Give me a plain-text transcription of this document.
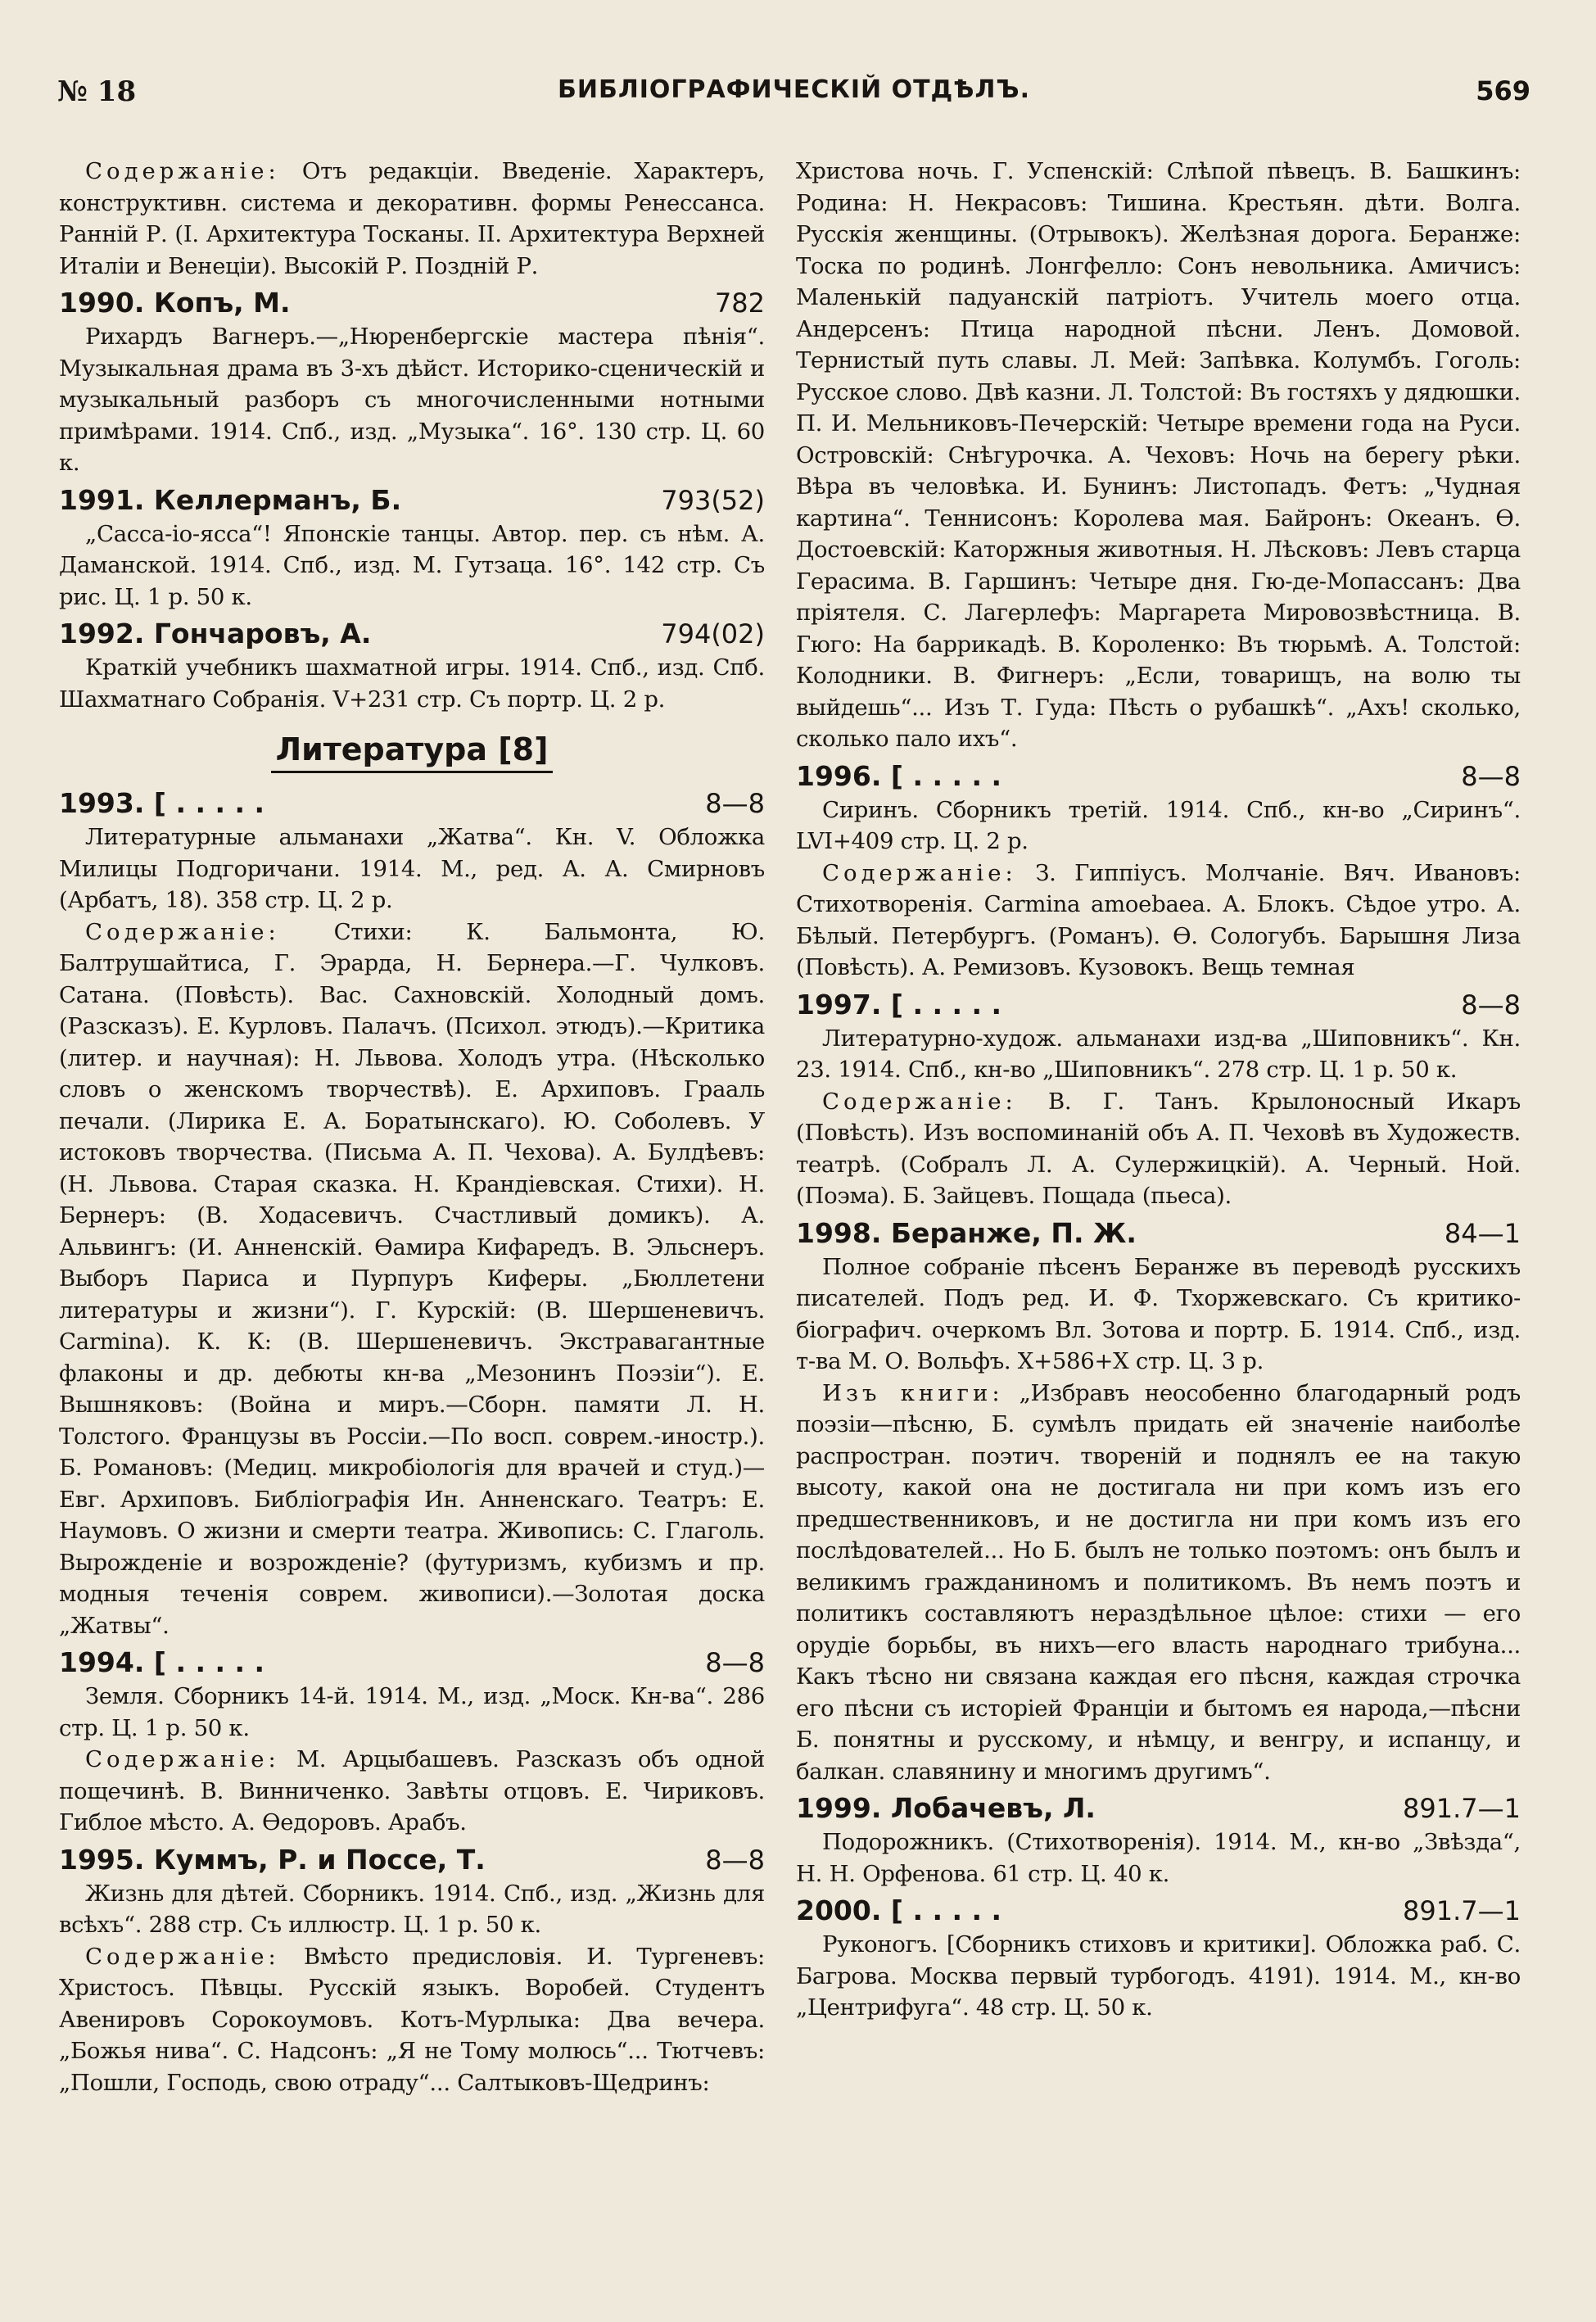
№ 18	БИБЛІОГРАФИЧЕСКІЙ ОТДѢЛЪ.	569

Содержаніе: Отъ редакціи. Введеніе. Характеръ, конструктивн. система и декоративн. формы Ренессанса. Ранній Р. (I. Архитектура Тосканы. II. Архитектура Верхней Италіи и Венеціи). Высокій Р. Поздній Р.

1990. Копъ, М.	782

Рихардъ Вагнеръ.—„Нюренбергскіе мастера пѣнія“. Музыкальная драма въ 3-хъ дѣйст. Историко-сценическій и музыкальный разборъ съ многочисленными нотными примѣрами. 1914. Спб., изд. „Музыка“. 16°. 130 стр. Ц. 60 к.

1991. Келлерманъ, Б.	793(52)

„Сасса-іо-ясса“! Японскіе танцы. Автор. пер. съ нѣм. А. Даманской. 1914. Спб., изд. М. Гутзаца. 16°. 142 стр. Съ рис. Ц. 1 р. 50 к.

1992. Гончаровъ, А.	794(02)

Краткій учебникъ шахматной игры. 1914. Спб., изд. Спб. Шахматнаго Собранія. V+231 стр. Съ портр. Ц. 2 р.

Литература [8]
1993. [ . . . . .	8—8

Литературные альманахи „Жатва“. Кн. V. Обложка Милицы Подгоричани. 1914. М., ред. А. А. Смирновъ (Арбатъ, 18). 358 стр. Ц. 2 р.

Содержаніе: Стихи: К. Бальмонта, Ю. Балтрушайтиса, Г. Эрарда, Н. Бернера.—Г. Чулковъ. Сатана. (Повѣсть). Вас. Сахновскій. Холодный домъ. (Разсказъ). Е. Курловъ. Палачъ. (Психол. этюдъ).—Критика (литер. и научная): Н. Львова. Холодъ утра. (Нѣсколько словъ о женскомъ творчествѣ). Е. Архиповъ. Грааль печали. (Лирика Е. А. Боратынскаго). Ю. Соболевъ. У истоковъ творчества. (Письма А. П. Чехова). А. Булдѣевъ: (Н. Львова. Старая сказка. Н. Крандіевская. Стихи). Н. Бернеръ: (В. Ходасевичъ. Счастливый домикъ). А. Альвингъ: (И. Анненскій. Ѳамира Кифаредъ. В. Эльснеръ. Выборъ Париса и Пурпуръ Киферы. „Бюллетени литературы и жизни“). Г. Курскій: (В. Шершеневичъ. Carmina). К. К: (В. Шершеневичъ. Экстравагантные флаконы и др. дебюты кн-ва „Мезонинъ Поэзіи“). Е. Вышняковъ: (Война и миръ.—Сборн. памяти Л. Н. Толстого. Французы въ Россіи.—По восп. соврем.-иностр.). Б. Романовъ: (Медиц. микробіологія для врачей и студ.)—Евг. Архиповъ. Библіографія Ин. Анненскаго. Театръ: Е. Наумовъ. О жизни и смерти театра. Живопись: С. Глаголь. Вырожденіе и возрожденіе? (футуризмъ, кубизмъ и пр. модныя теченія соврем. живописи).—Золотая доска „Жатвы“.

1994. [ . . . . .	8—8

Земля. Сборникъ 14-й. 1914. М., изд. „Моск. Кн-ва“. 286 стр. Ц. 1 р. 50 к.

Содержаніе: М. Арцыбашевъ. Разсказъ объ одной пощечинѣ. В. Винниченко. Завѣты отцовъ. Е. Чириковъ. Гиблое мѣсто. А. Ѳедоровъ. Арабъ.

1995. Куммъ, Р. и Поссе, Т.	8—8

Жизнь для дѣтей. Сборникъ. 1914. Спб., изд. „Жизнь для всѣхъ“. 288 стр. Съ иллюстр. Ц. 1 р. 50 к.

Содержаніе: Вмѣсто предисловія. И. Тургеневъ: Христосъ. Пѣвцы. Русскій языкъ. Воробей. Студентъ Авенировъ Сорокоумовъ. Котъ-Мурлыка: Два вечера. „Божья нива“. С. Надсонъ: „Я не Тому молюсь“... Тютчевъ: „Пошли, Господь, свою отраду“... Салтыковъ-Щедринъ:

Христова ночь. Г. Успенскій: Слѣпой пѣвецъ. В. Башкинъ: Родина: Н. Некрасовъ: Тишина. Крестьян. дѣти. Волга. Русскія женщины. (Отрывокъ). Желѣзная дорога. Беранже: Тоска по родинѣ. Лонгфелло: Сонъ невольника. Амичисъ: Маленькій падуанскій патріотъ. Учитель моего отца. Андерсенъ: Птица народной пѣсни. Ленъ. Домовой. Тернистый путь славы. Л. Мей: Запѣвка. Колумбъ. Гоголь: Русское слово. Двѣ казни. Л. Толстой: Въ гостяхъ у дядюшки. П. И. Мельниковъ-Печерскій: Четыре времени года на Руси. Островскій: Снѣгурочка. А. Чеховъ: Ночь на берегу рѣки. Вѣра въ человѣка. И. Бунинъ: Листопадъ. Фетъ: „Чудная картина“. Теннисонъ: Королева мая. Байронъ: Океанъ. Ѳ. Достоевскій: Каторжныя животныя. Н. Лѣсковъ: Левъ старца Герасима. В. Гаршинъ: Четыре дня. Гю-де-Мопассанъ: Два пріятеля. С. Лагерлефъ: Маргарета Мировозвѣстница. В. Гюго: На баррикадѣ. В. Короленко: Въ тюрьмѣ. А. Толстой: Колодники. В. Фигнеръ: „Если, товарищъ, на волю ты выйдешь“... Изъ Т. Гуда: Пѣсть о рубашкѣ“. „Ахъ! сколько, сколько пало ихъ“.

1996. [ . . . . .	8—8

Сиринъ. Сборникъ третій. 1914. Спб., кн-во „Сиринъ“. LVI+409 стр. Ц. 2 р.

Содержаніе: З. Гиппіусъ. Молчаніе. Вяч. Ивановъ: Стихотворенія. Carmina amoebaea. А. Блокъ. Сѣдое утро. А. Бѣлый. Петербургъ. (Романъ). Ѳ. Сологубъ. Барышня Лиза (Повѣсть). А. Ремизовъ. Кузовокъ. Вещь темная

1997. [ . . . . .	8—8

Литературно-худож. альманахи изд-ва „Шиповникъ“. Кн. 23. 1914. Спб., кн-во „Шиповникъ“. 278 стр. Ц. 1 р. 50 к.

Содержаніе: В. Г. Танъ. Крылоносный Икаръ (Повѣсть). Изъ воспоминаній объ А. П. Чеховѣ въ Художеств. театрѣ. (Собралъ Л. А. Сулержицкій). А. Черный. Ной. (Поэма). Б. Зайцевъ. Пощада (пьеса).

1998. Беранже, П. Ж.	84—1

Полное собраніе пѣсенъ Беранже въ переводѣ русскихъ писателей. Подъ ред. И. Ф. Тхоржевскаго. Съ критико-біографич. очеркомъ Вл. Зотова и портр. Б. 1914. Спб., изд. т-ва М. О. Вольфъ. X+586+X стр. Ц. 3 р.

Изъ книги: „Избравъ неособенно благодарный родъ поэзіи—пѣсню, Б. сумѣлъ придать ей значеніе наиболѣе распростран. поэтич. твореній и поднялъ ее на такую высоту, какой она не достигала ни при комъ изъ его предшественниковъ, и не достигла ни при комъ изъ его послѣдователей... Но Б. былъ не только поэтомъ: онъ былъ и великимъ гражданиномъ и политикомъ. Въ немъ поэтъ и политикъ составляютъ нераздѣльное цѣлое: стихи — его орудіе борьбы, въ нихъ—его власть народнаго трибуна... Какъ тѣсно ни связана каждая его пѣсня, каждая строчка его пѣсни съ исторіей Франціи и бытомъ ея народа,—пѣсни Б. понятны и русскому, и нѣмцу, и венгру, и испанцу, и балкан. славянину и многимъ другимъ“.

1999. Лобачевъ, Л.	891.7—1

Подорожникъ. (Стихотворенія). 1914. М., кн-во „Звѣзда“, Н. Н. Орфенова. 61 стр. Ц. 40 к.

2000. [ . . . . .	891.7—1

Руконогъ. [Сборникъ стиховъ и критики]. Обложка раб. С. Багрова. Москва первый турбогодъ. 4191). 1914. М., кн-во „Центрифуга“. 48 стр. Ц. 50 к.
